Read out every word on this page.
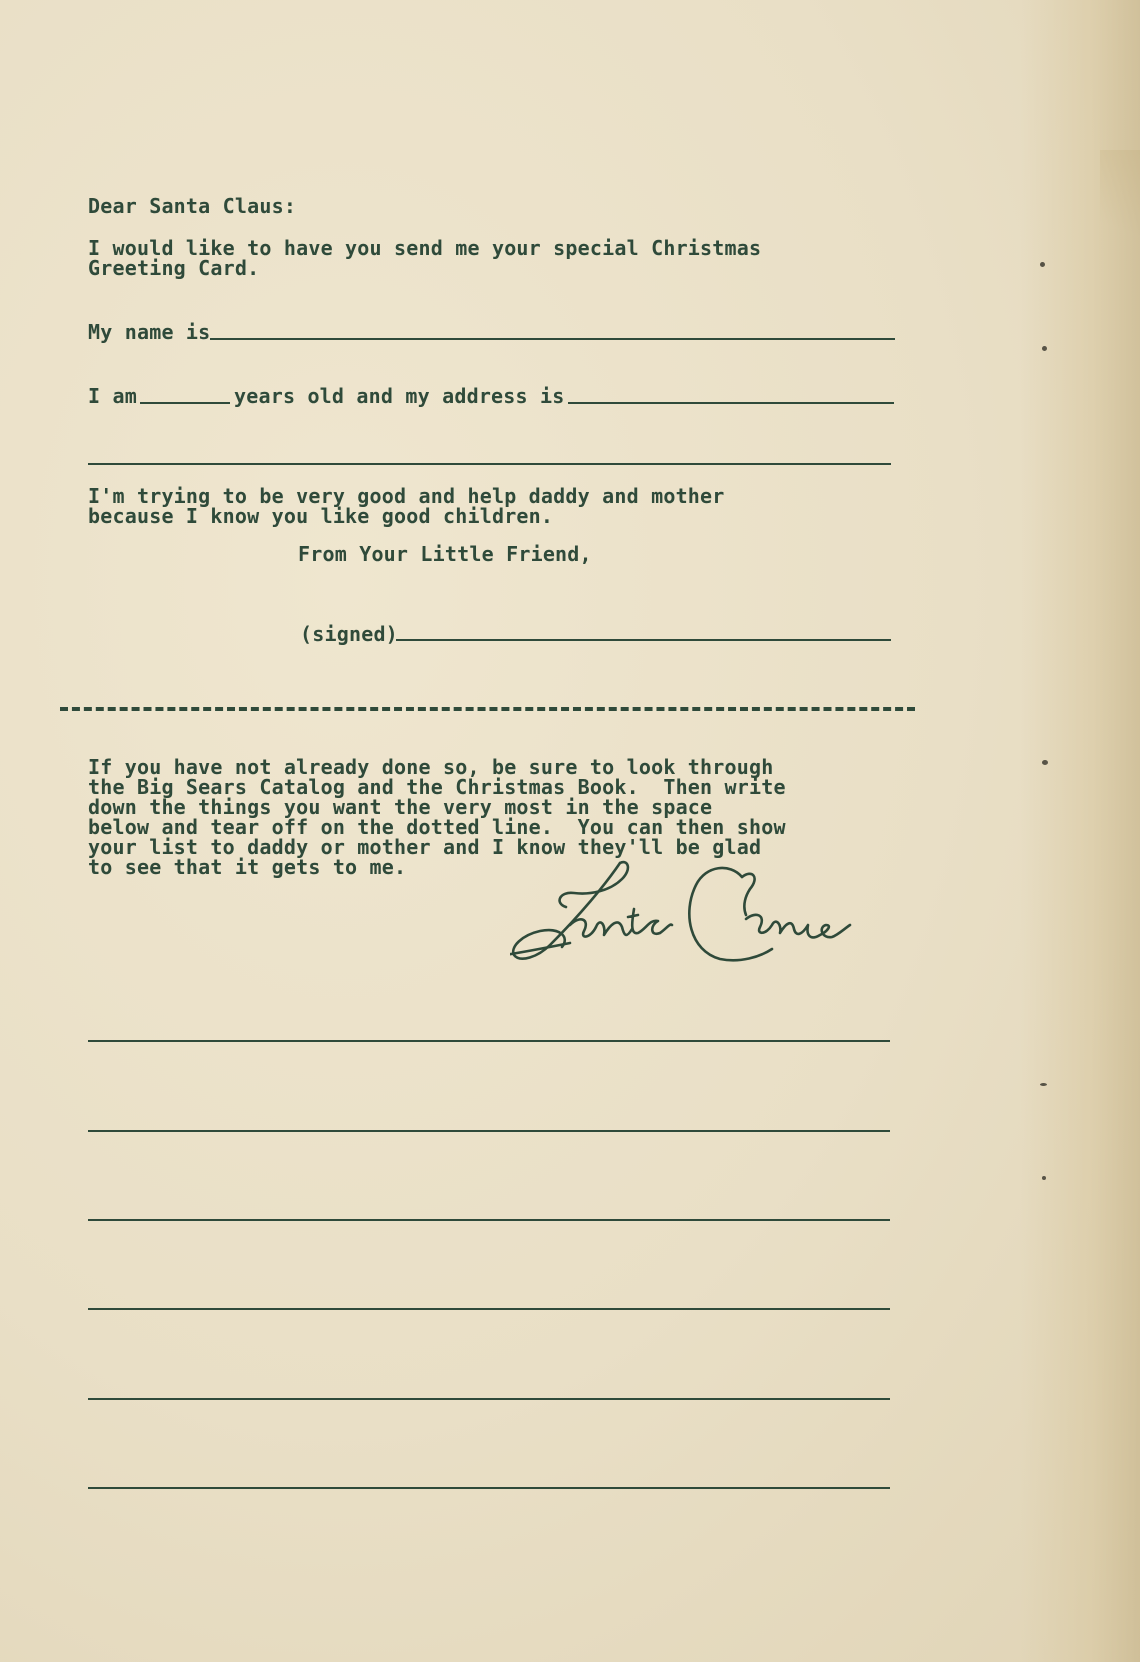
Dear Santa Claus:

I would like to have you send me your special Christmas

Greeting Card.

My name is

I am	years old and my address is

I'm trying to be very good and help daddy and mother

because I know you like good children.

From Your Little Friend,

(signed)

If you have not already done so, be sure to look through

the Big Sears Catalog and the Christmas Book.  Then write

down the things you want the very most in the space

below and tear off on the dotted line.  You can then show

your list to daddy or mother and I know they'll be glad

to see that it gets to me.
